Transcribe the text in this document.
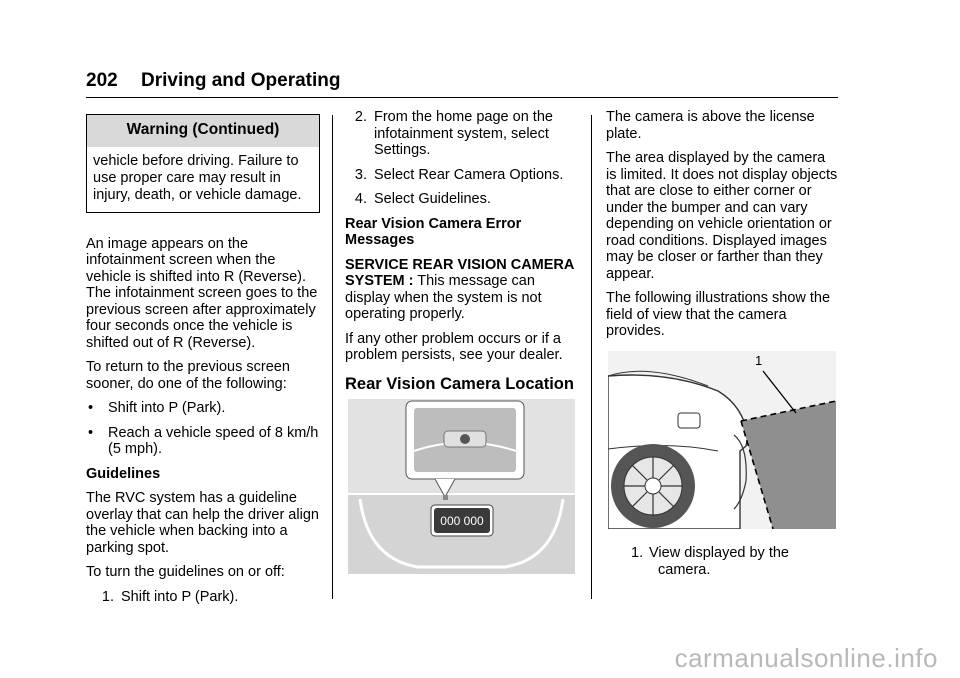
202 Driving and Operating
Warning (Continued)
vehicle before driving. Failure to use proper care may result in injury, death, or vehicle damage.

An image appears on the infotainment screen when the vehicle is shifted into R (Reverse). The infotainment screen goes to the previous screen after approximately four seconds once the vehicle is shifted out of R (Reverse).

To return to the previous screen sooner, do one of the following:

•	Shift into P (Park).
•	Reach a vehicle speed of 8 km/h (5 mph).

Guidelines

The RVC system has a guideline overlay that can help the driver align the vehicle when backing into a parking spot.

To turn the guidelines on or off:

1. Shift into P (Park).
2. From the home page on the infotainment system, select Settings.
3. Select Rear Camera Options.
4. Select Guidelines.

Rear Vision Camera Error Messages

SERVICE REAR VISION CAMERA SYSTEM : This message can display when the system is not operating properly.

If any other problem occurs or if a problem persists, see your dealer.

Rear Vision Camera Location
000 000

The camera is above the license plate.

The area displayed by the camera is limited. It does not display objects that are close to either corner or under the bumper and can vary depending on vehicle orientation or road conditions. Displayed images may be closer or farther than they appear.

The following illustrations show the field of view that the camera provides.

1
1. View displayed by the
camera.
carmanualsonline.info
